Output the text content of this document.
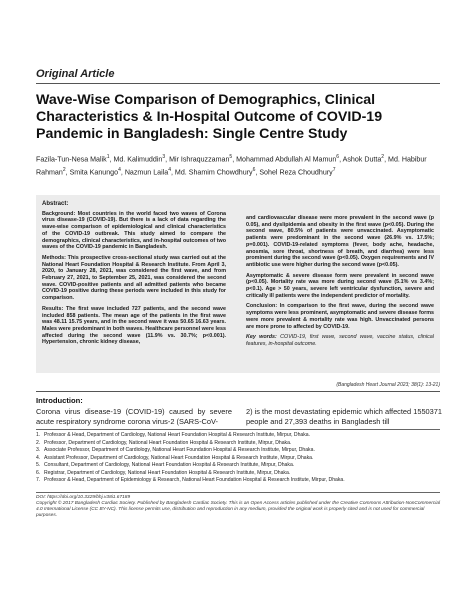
Original Article
Wave-Wise Comparison of Demographics, Clinical Characteristics & In-Hospital Outcome of COVID-19 Pandemic in Bangladesh: Single Centre Study
Fazila-Tun-Nesa Malik$^1$, Md. Kalimuddin$^3$, Mir Ishraquzzaman$^5$, Mohammad Abdullah Al Mamun$^6$, Ashok Dutta$^2$, Md. Habibur Rahman$^2$, Smita Kanungo$^4$, Nazmun Laila$^4$, Md. Shamim Chowdhury$^6$, Sohel Reza Choudhury$^7$
Abstract:

Background: Most countries in the world faced two waves of Corona virus disease-19 (COVID-19). But there is a lack of data regarding the wave-wise comparison of epidemiological and clinical characteristics of the COVID-19 outbreak. This study aimed to compare the demographics, clinical characteristics, and in-hospital outcomes of two waves of the COVID-19 pandemic in Bangladesh.

Methods: This prospective cross-sectional study was carried out at the National Heart Foundation Hospital & Research Institute. From April 3, 2020, to January 28, 2021, was considered the first wave, and from February 27, 2021, to September 25, 2021, was considered the second wave. COVID-positive patients and all admitted patients who became COVID-19 positive during these periods were included in this study for comparison.

Results: The first wave included 727 patients, and the second wave included 858 patients. The mean age of the patients in the first wave was 48.11 15.75 years, and in the second wave it was 50.65 16.63 years. Males were predominant in both waves. Healthcare personnel were less affected during the second wave (11.9% vs. 30.7%; p<0.001). Hypertension, chronic kidney disease,

and cardiovascular disease were more prevalent in the second wave (p 0.05), and dyslipidemia and obesity in the first wave (p<0.05). During the second wave, 80.5% of patients were unvaccinated. Asymptomatic patients were predominant in the second wave (26.9% vs. 17.5%; p=0.001). COVID-19-related symptoms (fever, body ache, headache, anosmia, sore throat, shortness of breath, and diarrhea) were less prominent during the second wave (p<0.05). Oxygen requirements and IV antibiotic use were higher during the second wave (p<0.05).

Asymptomatic & severe disease form were prevalent in second wave (p<0.05). Mortality rate was more during second wave (5.1% vs 3.4%; p<0.1). Age > 50 years, severe left ventricular dysfunction, severe and critically ill patients were the independent predictor of mortality.

Conclusion: In comparison to the first wave, during the second wave symptoms were less prominent, asymptomatic and severe disease forms were more prevalent & mortality rate was high. Unvaccinated persons are more prone to affected by COVID-19.

Key words: COVID-19, first wave, second wave, vaccine status, clinical features, in-hospital outcome.

(Bangladesh Heart Journal 2023; 38(1): 13-21)
Introduction:
Corona virus disease-19 (COVID-19) caused by severe acute respiratory syndrome corona virus-2 (SARS-CoV-
2) is the most devastating epidemic which affected 1550371 people and 27,393 deaths in Bangladesh till
1. Professor & Head, Department of Cardiology, National Heart Foundation Hospital & Research Institute, Mirpur, Dhaka.
2. Professor, Department of Cardiology, National Heart Foundation Hospital & Research Institute, Mirpur, Dhaka.
3. Associate Professor, Department of Cardiology, National Heart Foundation Hospital & Research Institute, Mirpur, Dhaka.
4. Assistant Professor, Department of Cardiology, National Heart Foundation Hospital & Research Institute, Mirpur, Dhaka.
5. Consultant, Department of Cardiology, National Heart Foundation Hospital & Research Institute, Mirpur, Dhaka.
6. Registrar, Department of Cardiology, National Heart Foundation Hospital & Research Institute, Mirpur, Dhaka.
7. Professor & Head, Department of Epidemiology & Research, National Heart Foundation Hospital & Research Institute, Mirpur, Dhaka.
DOI: https://doi.org/10.3329/bhj.v38i1.67189
Copyright © 2017 Bangladesh Cardiac Society. Published by Bangladesh Cardiac Society. This is an Open Access articles published under the Creative Commons Attribution-NonCommercial 4.0 International License (CC BY-NC). This license permits use, distribution and reproduction in any medium, provided the original work is properly cited and is not used for commercial purposes.
